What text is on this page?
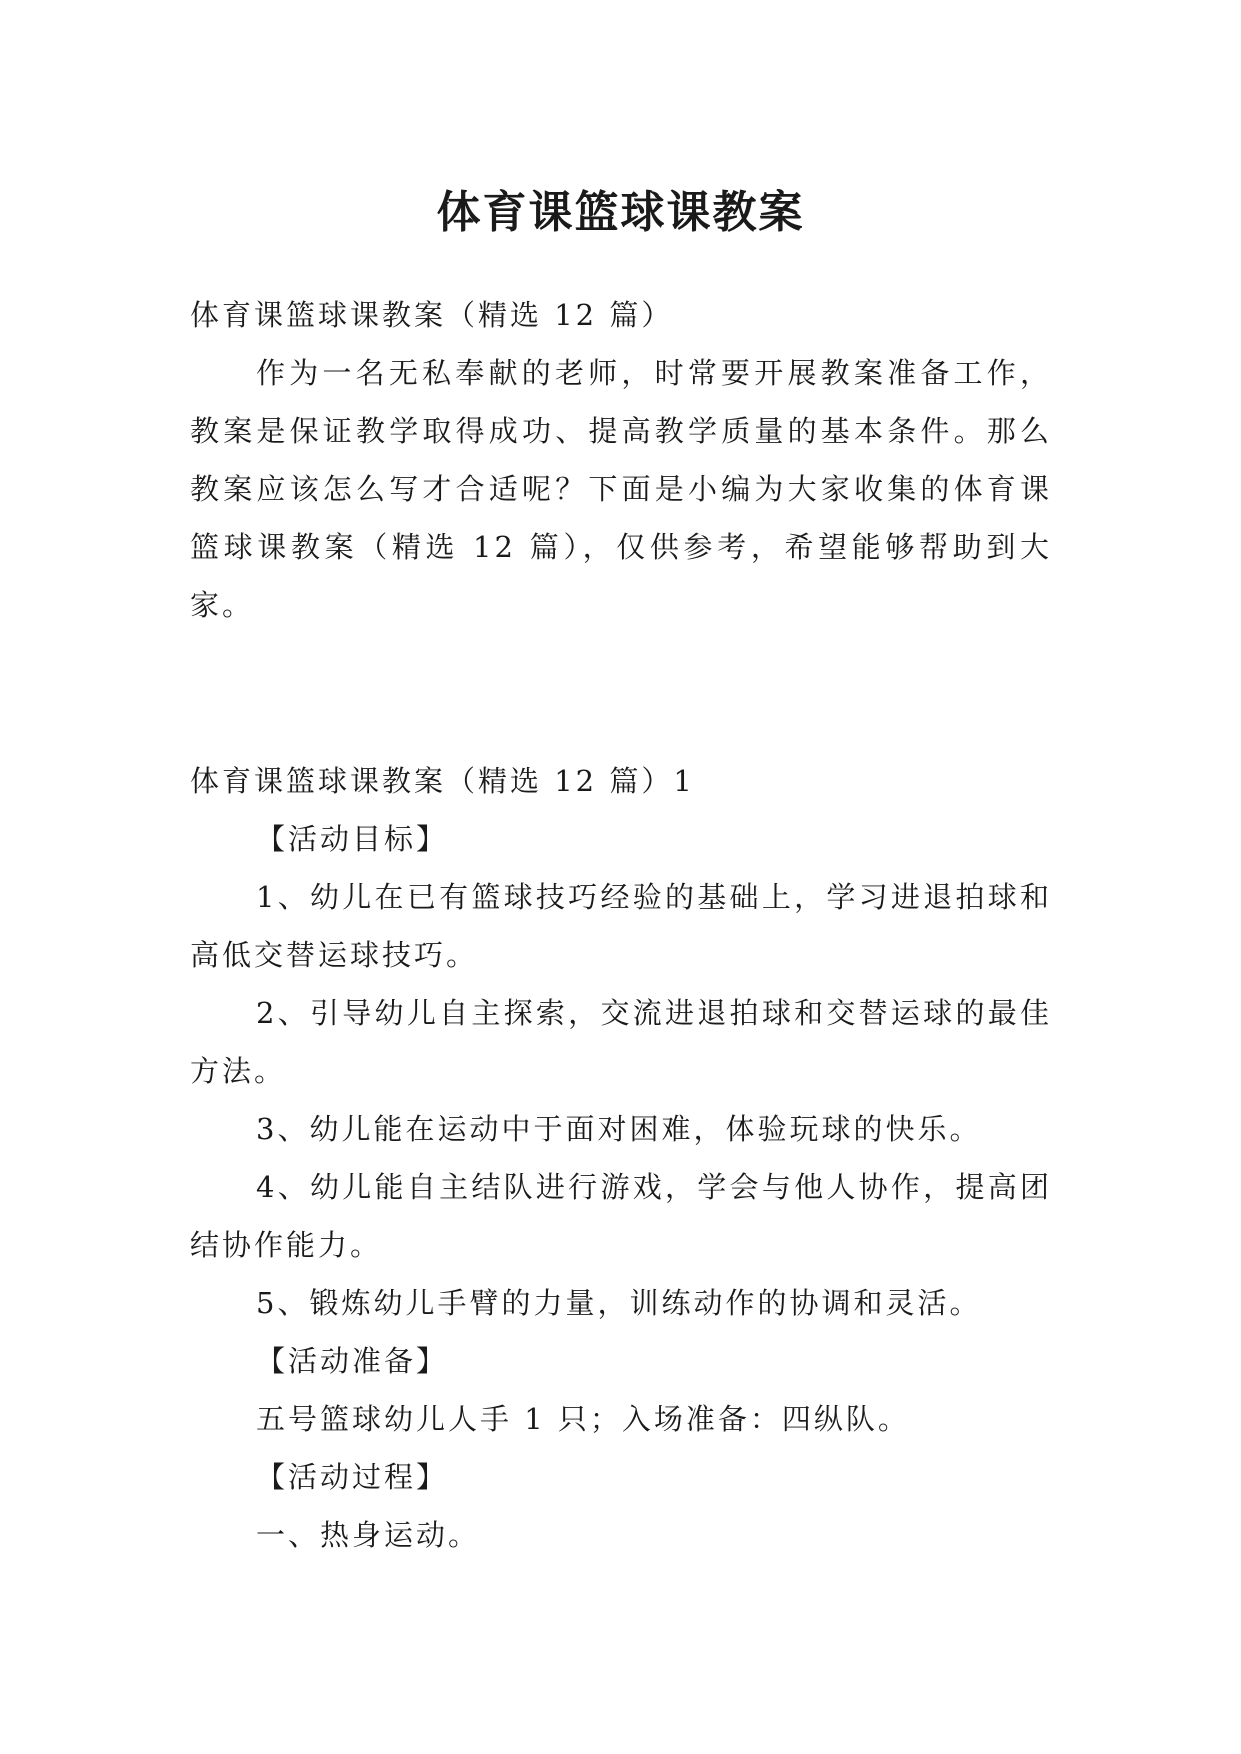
体育课篮球课教案

体育课篮球课教案（精选 12 篇）

作为一名无私奉献的老师，时常要开展教案准备工作，教案是保证教学取得成功、提高教学质量的基本条件。那么教案应该怎么写才合适呢？下面是小编为大家收集的体育课篮球课教案（精选 12 篇），仅供参考，希望能够帮助到大家。

体育课篮球课教案（精选 12 篇）1

【活动目标】

1、幼儿在已有篮球技巧经验的基础上，学习进退拍球和高低交替运球技巧。

2、引导幼儿自主探索，交流进退拍球和交替运球的最佳方法。

3、幼儿能在运动中于面对困难，体验玩球的快乐。

4、幼儿能自主结队进行游戏，学会与他人协作，提高团结协作能力。

5、锻炼幼儿手臂的力量，训练动作的协调和灵活。

【活动准备】

五号篮球幼儿人手 1 只；入场准备：四纵队。

【活动过程】

一、热身运动。
